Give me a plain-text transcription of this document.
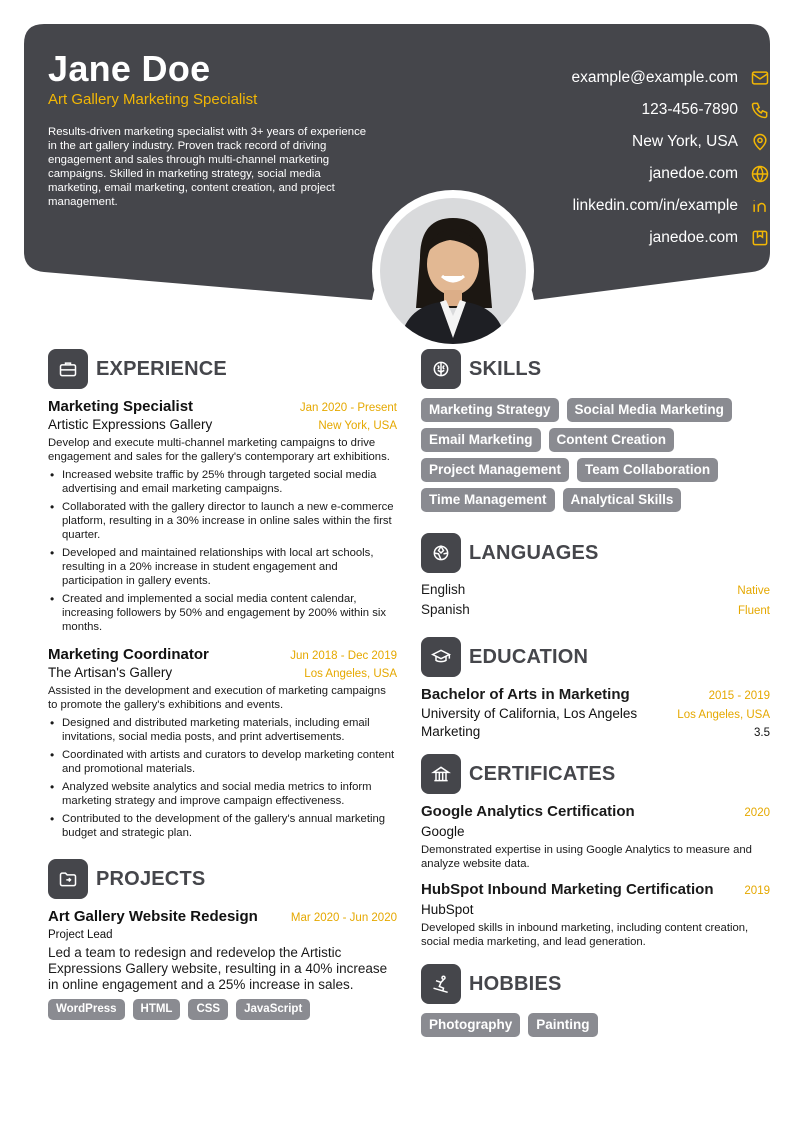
Jane Doe
Art Gallery Marketing Specialist
Results-driven marketing specialist with 3+ years of experience in the art gallery industry. Proven track record of driving engagement and sales through multi-channel marketing campaigns. Skilled in marketing strategy, social media marketing, email marketing, content creation, and project management.
example@example.com
123-456-7890
New York, USA
janedoe.com
linkedin.com/in/example
janedoe.com
EXPERIENCE
Marketing Specialist	Jan 2020 - Present
Artistic Expressions Gallery	New York, USA
Develop and execute multi-channel marketing campaigns to drive engagement and sales for the gallery's contemporary art exhibitions.
• Increased website traffic by 25% through targeted social media advertising and email marketing campaigns.
• Collaborated with the gallery director to launch a new e-commerce platform, resulting in a 30% increase in online sales within the first quarter.
• Developed and maintained relationships with local art schools, resulting in a 20% increase in student engagement and participation in gallery events.
• Created and implemented a social media content calendar, increasing followers by 50% and engagement by 200% within six months.
Marketing Coordinator	Jun 2018 - Dec 2019
The Artisan's Gallery	Los Angeles, USA
Assisted in the development and execution of marketing campaigns to promote the gallery's exhibitions and events.
• Designed and distributed marketing materials, including email invitations, social media posts, and print advertisements.
• Coordinated with artists and curators to develop marketing content and promotional materials.
• Analyzed website analytics and social media metrics to inform marketing strategy and improve campaign effectiveness.
• Contributed to the development of the gallery's annual marketing budget and strategic plan.
PROJECTS
Art Gallery Website Redesign	Mar 2020 - Jun 2020
Project Lead
Led a team to redesign and redevelop the Artistic Expressions Gallery website, resulting in a 40% increase in online engagement and a 25% increase in sales.
WordPress	HTML	CSS	JavaScript
SKILLS
Marketing Strategy	Social Media Marketing
Email Marketing	Content Creation
Project Management	Team Collaboration
Time Management	Analytical Skills
LANGUAGES
English	Native
Spanish	Fluent
EDUCATION
Bachelor of Arts in Marketing	2015 - 2019
University of California, Los Angeles	Los Angeles, USA
Marketing	3.5
CERTIFICATES
Google Analytics Certification	2020
Google
Demonstrated expertise in using Google Analytics to measure and analyze website data.
HubSpot Inbound Marketing Certification	2019
HubSpot
Developed skills in inbound marketing, including content creation, social media marketing, and lead generation.
HOBBIES
Photography	Painting
